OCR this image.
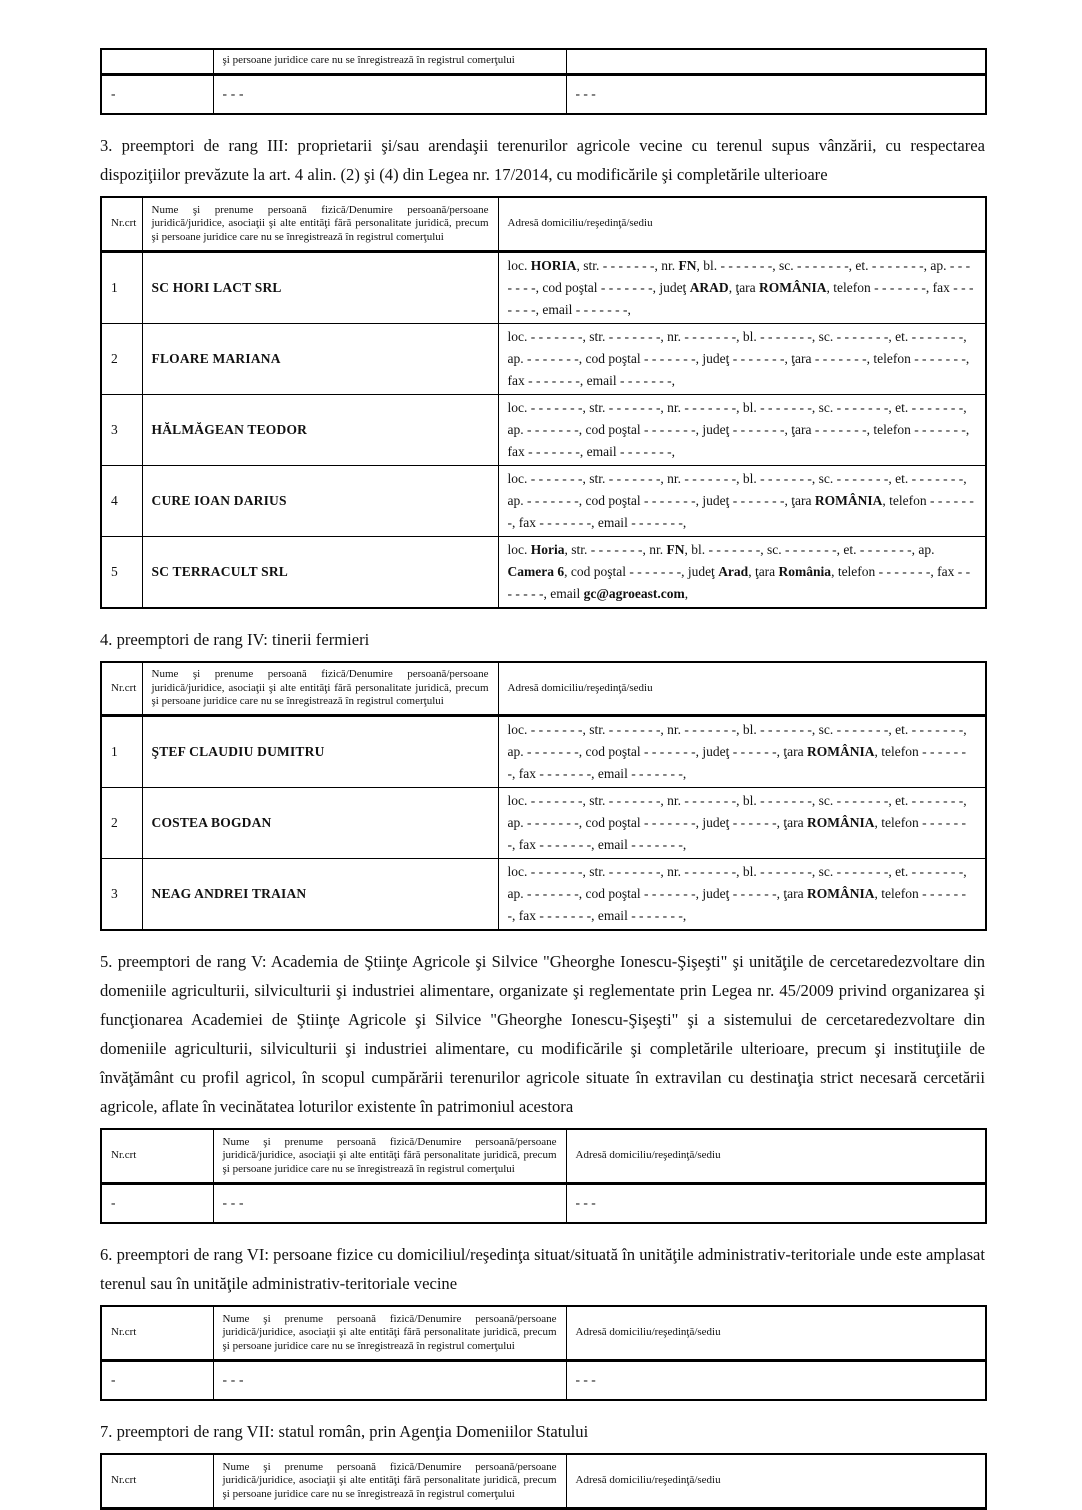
	şi persoane juridice care nu se înregistrează în registrul comerţului	
-	- - -	- - -

3. preemptori de rang III: proprietarii şi/sau arendaşii terenurilor agricole vecine cu terenul supus vânzării, cu respectarea dispoziţiilor prevăzute la art. 4 alin. (2) şi (4) din Legea nr. 17/2014, cu modificările şi completările ulterioare

Nr.crt	Nume şi prenume persoană fizică/Denumire persoană/persoane juridică/juridice, asociaţii şi alte entităţi fără personalitate juridică, precum şi persoane juridice care nu se înregistrează în registrul comerţului	Adresă domiciliu/reşedinţă/sediu
1	SC HORI LACT SRL	loc. HORIA, str. - - - - - - -, nr. FN, bl. - - - - - - -, sc. - - - - - - -, et. - - - - - - -, ap. - - - - - - -, cod poştal - - - - - - -, judeţ ARAD, ţara ROMÂNIA, telefon - - - - - - -, fax - - - - - - -, email - - - - - - -,
2	FLOARE MARIANA	loc. - - - - - - -, str. - - - - - - -, nr. - - - - - - -, bl. - - - - - - -, sc. - - - - - - -, et. - - - - - - -, ap. - - - - - - -, cod poştal - - - - - - -, judeţ - - - - - - -, ţara - - - - - - -, telefon - - - - - - -, fax - - - - - - -, email - - - - - - -,
3	HĂLMĂGEAN TEODOR	loc. - - - - - - -, str. - - - - - - -, nr. - - - - - - -, bl. - - - - - - -, sc. - - - - - - -, et. - - - - - - -, ap. - - - - - - -, cod poştal - - - - - - -, judeţ - - - - - - -, ţara - - - - - - -, telefon - - - - - - -, fax - - - - - - -, email - - - - - - -,
4	CURE IOAN DARIUS	loc. - - - - - - -, str. - - - - - - -, nr. - - - - - - -, bl. - - - - - - -, sc. - - - - - - -, et. - - - - - - -, ap. - - - - - - -, cod poştal - - - - - - -, judeţ - - - - - - -, ţara ROMÂNIA, telefon - - - - - - -, fax - - - - - - -, email - - - - - - -,
5	SC TERRACULT SRL	loc. Horia, str. - - - - - - -, nr. FN, bl. - - - - - - -, sc. - - - - - - -, et. - - - - - - -, ap. Camera 6, cod poştal - - - - - - -, judeţ Arad, ţara România, telefon - - - - - - -, fax - - - - - - -, email gc@agroeast.com,

4. preemptori de rang IV: tinerii fermieri

Nr.crt	Nume şi prenume persoană fizică/Denumire persoană/persoane juridică/juridice, asociaţii şi alte entităţi fără personalitate juridică, precum şi persoane juridice care nu se înregistrează în registrul comerţului	Adresă domiciliu/reşedinţă/sediu
1	ŞTEF CLAUDIU DUMITRU	loc. - - - - - - -, str. - - - - - - -, nr. - - - - - - -, bl. - - - - - - -, sc. - - - - - - -, et. - - - - - - -, ap. - - - - - - -, cod poştal - - - - - - -, judeţ - - - - - -, ţara ROMÂNIA, telefon - - - - - - -, fax - - - - - - -, email - - - - - - -,
2	COSTEA BOGDAN	loc. - - - - - - -, str. - - - - - - -, nr. - - - - - - -, bl. - - - - - - -, sc. - - - - - - -, et. - - - - - - -, ap. - - - - - - -, cod poştal - - - - - - -, judeţ - - - - - -, ţara ROMÂNIA, telefon - - - - - - -, fax - - - - - - -, email - - - - - - -,
3	NEAG ANDREI TRAIAN	loc. - - - - - - -, str. - - - - - - -, nr. - - - - - - -, bl. - - - - - - -, sc. - - - - - - -, et. - - - - - - -, ap. - - - - - - -, cod poştal - - - - - - -, judeţ - - - - - -, ţara ROMÂNIA, telefon - - - - - - -, fax - - - - - - -, email - - - - - - -,

5. preemptori de rang V: Academia de Ştiinţe Agricole şi Silvice "Gheorghe Ionescu-Şişeşti" şi unităţile de cercetaredezvoltare din domeniile agriculturii, silviculturii şi industriei alimentare, organizate şi reglementate prin Legea nr. 45/2009 privind organizarea şi funcţionarea Academiei de Ştiinţe Agricole şi Silvice "Gheorghe Ionescu-Şişeşti" şi a sistemului de cercetaredezvoltare din domeniile agriculturii, silviculturii şi industriei alimentare, cu modificările şi completările ulterioare, precum şi instituţiile de învăţământ cu profil agricol, în scopul cumpărării terenurilor agricole situate în extravilan cu destinaţia strict necesară cercetării agricole, aflate în vecinătatea loturilor existente în patrimoniul acestora

Nr.crt	Nume şi prenume persoană fizică/Denumire persoană/persoane juridică/juridice, asociaţii şi alte entităţi fără personalitate juridică, precum şi persoane juridice care nu se înregistrează în registrul comerţului	Adresă domiciliu/reşedinţă/sediu
-	- - -	- - -

6. preemptori de rang VI: persoane fizice cu domiciliul/reşedinţa situat/situată în unităţile administrativ-teritoriale unde este amplasat terenul sau în unităţile administrativ-teritoriale vecine

Nr.crt	Nume şi prenume persoană fizică/Denumire persoană/persoane juridică/juridice, asociaţii şi alte entităţi fără personalitate juridică, precum şi persoane juridice care nu se înregistrează în registrul comerţului	Adresă domiciliu/reşedinţă/sediu
-	- - -	- - -

7. preemptori de rang VII: statul român, prin Agenţia Domeniilor Statului

Nr.crt	Nume şi prenume persoană fizică/Denumire persoană/persoane juridică/juridice, asociaţii şi alte entităţi fără personalitate juridică, precum şi persoane juridice care nu se înregistrează în registrul comerţului	Adresă domiciliu/reşedinţă/sediu
